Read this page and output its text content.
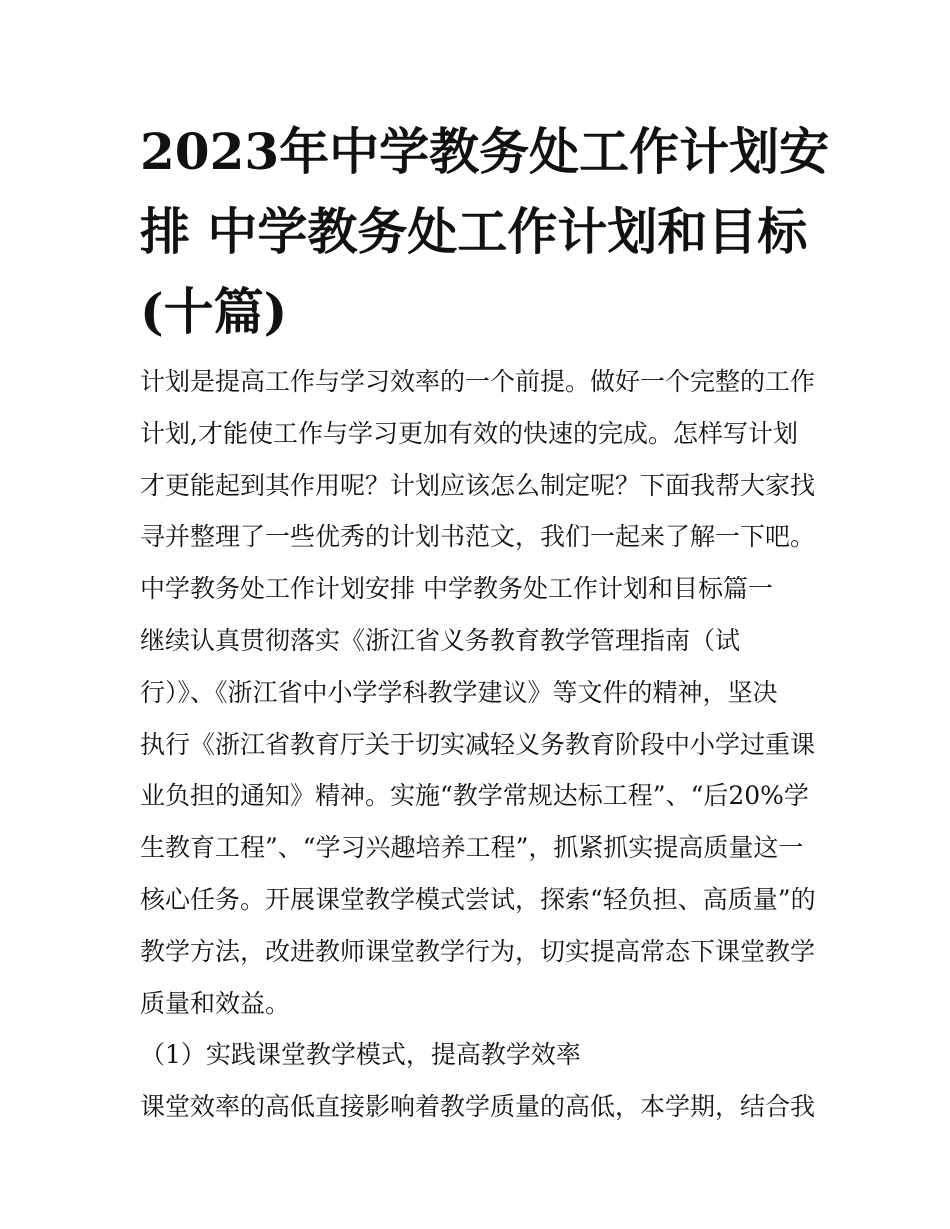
2023年中学教务处工作计划安
排 中学教务处工作计划和目标
(十篇)
计划是提高工作与学习效率的一个前提。做好一个完整的工作
计划,才能使工作与学习更加有效的快速的完成。怎样写计划
才更能起到其作用呢？计划应该怎么制定呢？下面我帮大家找
寻并整理了一些优秀的计划书范文，我们一起来了解一下吧。
中学教务处工作计划安排 中学教务处工作计划和目标篇一
继续认真贯彻落实《浙江省义务教育教学管理指南（试
行）》、《浙江省中小学学科教学建议》等文件的精神，坚决
执行《浙江省教育厅关于切实减轻义务教育阶段中小学过重课
业负担的通知》精神。实施“教学常规达标工程”、“后20%学
生教育工程”、“学习兴趣培养工程”，抓紧抓实提高质量这一
核心任务。开展课堂教学模式尝试，探索“轻负担、高质量”的
教学方法，改进教师课堂教学行为，切实提高常态下课堂教学
质量和效益。
（1）实践课堂教学模式，提高教学效率
课堂效率的高低直接影响着教学质量的高低，本学期，结合我
